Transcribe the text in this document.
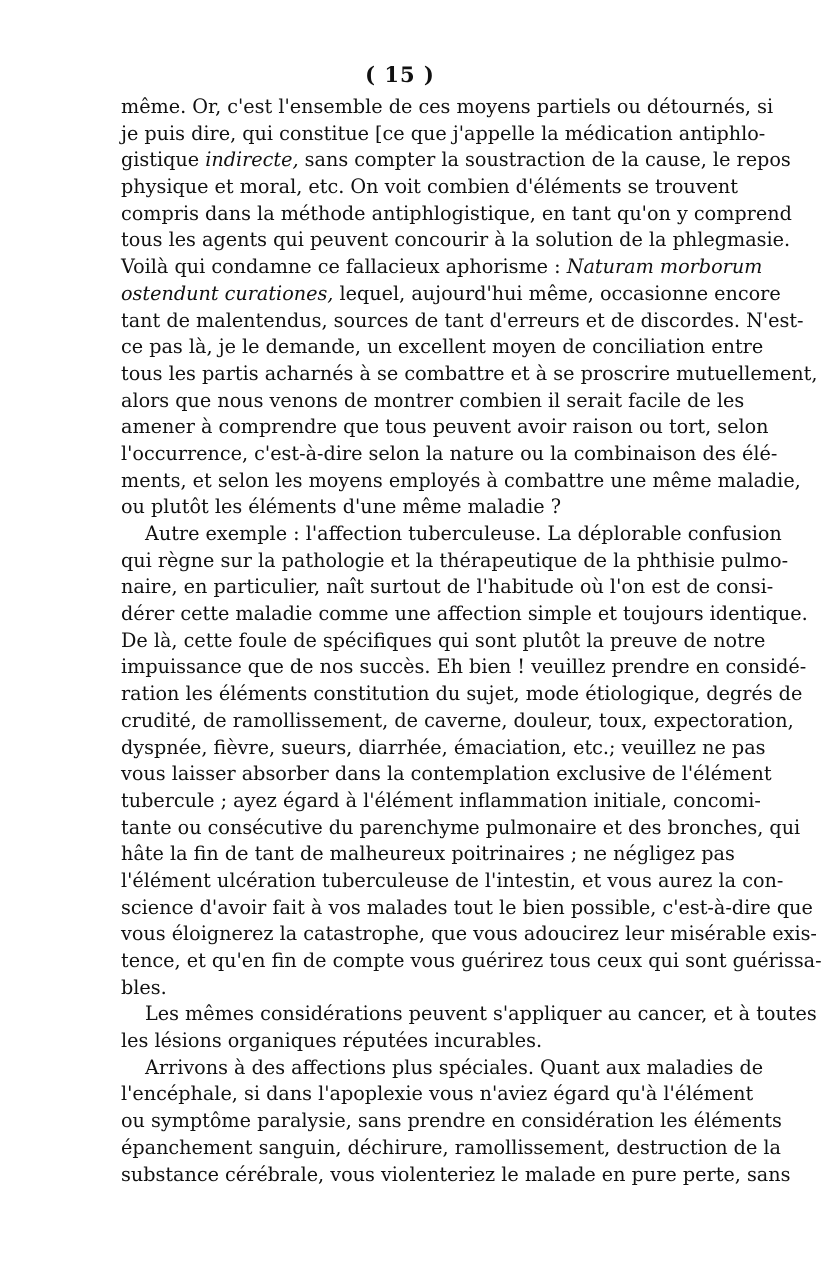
( 15 )
même. Or, c'est l'ensemble de ces moyens partiels ou détournés, si
je puis dire, qui constitue [ce que j'appelle la médication antiphlo-
gistique indirecte, sans compter la soustraction de la cause, le repos
physique et moral, etc. On voit combien d'éléments se trouvent
compris dans la méthode antiphlogistique, en tant qu'on y comprend
tous les agents qui peuvent concourir à la solution de la phlegmasie.
Voilà qui condamne ce fallacieux aphorisme : Naturam morborum
ostendunt curationes, lequel, aujourd'hui même, occasionne encore
tant de malentendus, sources de tant d'erreurs et de discordes. N'est-
ce pas là, je le demande, un excellent moyen de conciliation entre
tous les partis acharnés à se combattre et à se proscrire mutuellement,
alors que nous venons de montrer combien il serait facile de les
amener à comprendre que tous peuvent avoir raison ou tort, selon
l'occurrence, c'est-à-dire selon la nature ou la combinaison des élé-
ments, et selon les moyens employés à combattre une même maladie,
ou plutôt les éléments d'une même maladie ?
Autre exemple : l'affection tuberculeuse. La déplorable confusion
qui règne sur la pathologie et la thérapeutique de la phthisie pulmo-
naire, en particulier, naît surtout de l'habitude où l'on est de consi-
dérer cette maladie comme une affection simple et toujours identique.
De là, cette foule de spécifiques qui sont plutôt la preuve de notre
impuissance que de nos succès. Eh bien ! veuillez prendre en considé-
ration les éléments constitution du sujet, mode étiologique, degrés de
crudité, de ramollissement, de caverne, douleur, toux, expectoration,
dyspnée, fièvre, sueurs, diarrhée, émaciation, etc.; veuillez ne pas
vous laisser absorber dans la contemplation exclusive de l'élément
tubercule ; ayez égard à l'élément inflammation initiale, concomi-
tante ou consécutive du parenchyme pulmonaire et des bronches, qui
hâte la fin de tant de malheureux poitrinaires ; ne négligez pas
l'élément ulcération tuberculeuse de l'intestin, et vous aurez la con-
science d'avoir fait à vos malades tout le bien possible, c'est-à-dire que
vous éloignerez la catastrophe, que vous adoucirez leur misérable exis-
tence, et qu'en fin de compte vous guérirez tous ceux qui sont guérissa-
bles.
Les mêmes considérations peuvent s'appliquer au cancer, et à toutes
les lésions organiques réputées incurables.
Arrivons à des affections plus spéciales. Quant aux maladies de
l'encéphale, si dans l'apoplexie vous n'aviez égard qu'à l'élément
ou symptôme paralysie, sans prendre en considération les éléments
épanchement sanguin, déchirure, ramollissement, destruction de la
substance cérébrale, vous violenteriez le malade en pure perte, sans
